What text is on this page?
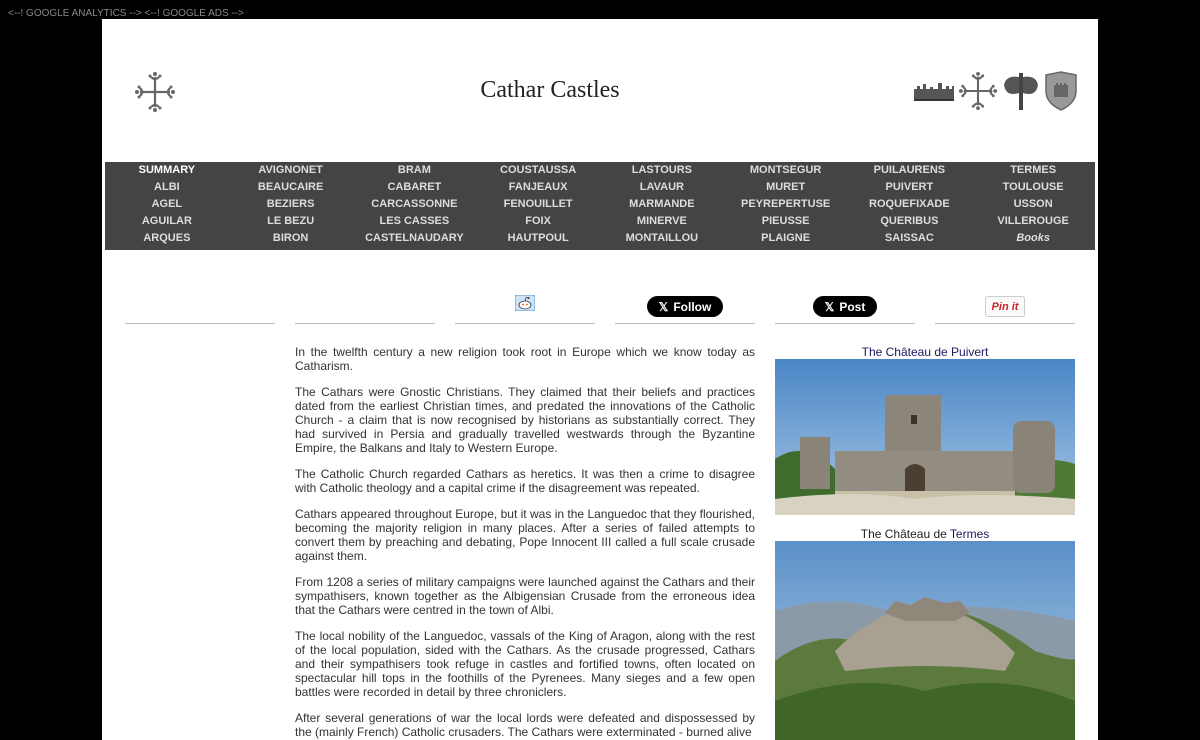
<--! GOOGLE ANALYTICS --> <--! GOOGLE ADS -->
Cathar Castles
SUMMARY	AVIGNONET	BRAM	COUSTAUSSA	LASTOURS	MONTSEGUR	PUILAURENS	TERMES
ALBI	BEAUCAIRE	CABARET	FANJEAUX	LAVAUR	MURET	PUIVERT	TOULOUSE
AGEL	BEZIERS	CARCASSONNE	FENOUILLET	MARMANDE	PEYREPERTUSE	ROQUEFIXADE	USSON
AGUILAR	LE BEZU	LES CASSES	FOIX	MINERVE	PIEUSSE	QUERIBUS	VILLEROUGE
ARQUES	BIRON	CASTELNAUDARY	HAUTPOUL	MONTAILLOU	PLAIGNE	SAISSAC	Books
𝕏 Follow	𝕏 Post	Pin it

In the twelfth century a new religion took root in Europe which we know today as Catharism.

The Cathars were Gnostic Christians. They claimed that their beliefs and practices dated from the earliest Christian times, and predated the innovations of the Catholic Church - a claim that is now recognised by historians as substantially correct. They had survived in Persia and gradually travelled westwards through the Byzantine Empire, the Balkans and Italy to Western Europe.

The Catholic Church regarded Cathars as heretics. It was then a crime to disagree with Catholic theology and a capital crime if the disagreement was repeated.

Cathars appeared throughout Europe, but it was in the Languedoc that they flourished, becoming the majority religion in many places. After a series of failed attempts to convert them by preaching and debating, Pope Innocent III called a full scale crusade against them.

From 1208 a series of military campaigns were launched against the Cathars and their sympathisers, known together as the Albigensian Crusade from the erroneous idea that the Cathars were centred in the town of Albi.

The local nobility of the Languedoc, vassals of the King of Aragon, along with the rest of the local population, sided with the Cathars. As the crusade progressed, Cathars and their sympathisers took refuge in castles and fortified towns, often located on spectacular hill tops in the foothills of the Pyrenees. Many sieges and a few open battles were recorded in detail by three chroniclers.

After several generations of war the local lords were defeated and dispossessed by the (mainly French) Catholic crusaders. The Cathars were exterminated - burned alive

The Château de Puivert
The Château de Termes
